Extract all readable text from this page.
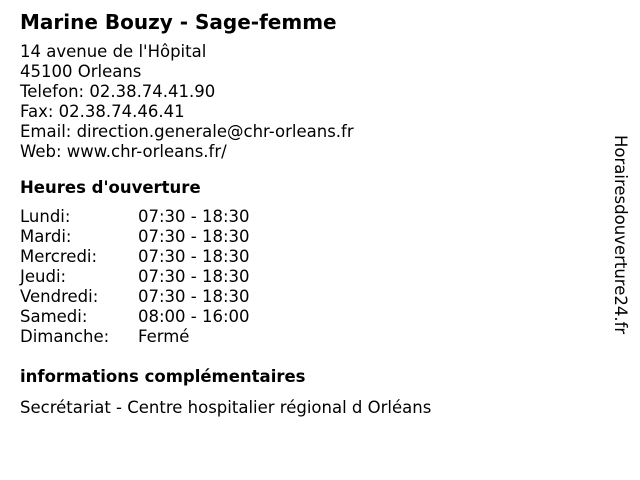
Marine Bouzy - Sage-femme
14 avenue de l'Hôpital
45100 Orleans
Telefon: 02.38.74.41.90
Fax: 02.38.74.46.41
Email: direction.generale@chr-orleans.fr
Web: www.chr-orleans.fr/
Heures d'ouverture
Lundi:	07:30 - 18:30
Mardi:	07:30 - 18:30
Mercredi:	07:30 - 18:30
Jeudi:	07:30 - 18:30
Vendredi:	07:30 - 18:30
Samedi:	08:00 - 16:00
Dimanche:	Fermé
informations complémentaires
Secrétariat - Centre hospitalier régional d Orléans
Horairesdouverture24.fr
